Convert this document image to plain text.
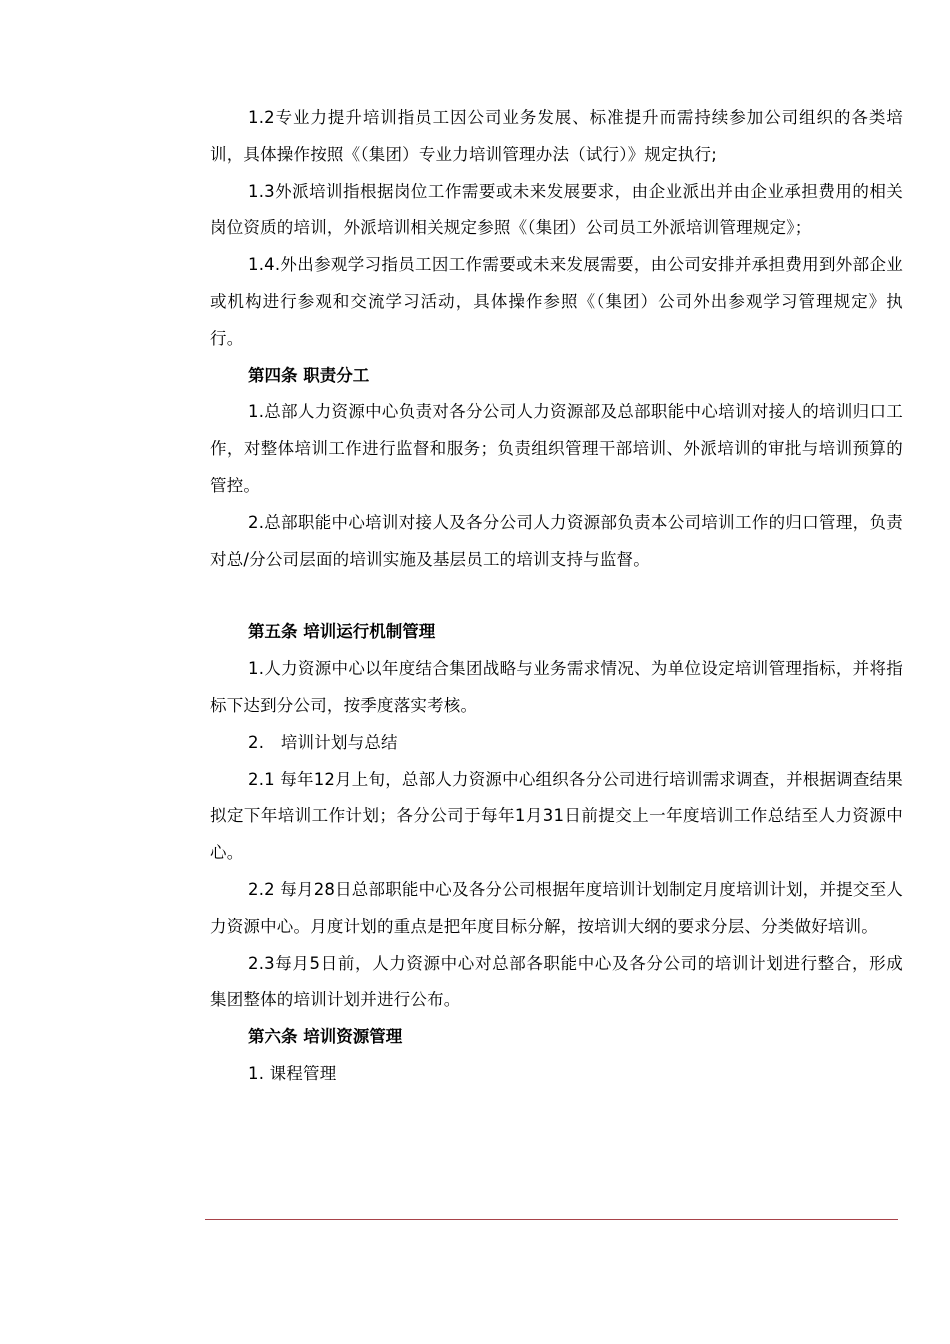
1.2专业力提升培训指员工因公司业务发展、标准提升而需持续参加公司组织的各类培训，具体操作按照《（集团）专业力培训管理办法（试行）》规定执行;

1.3外派培训指根据岗位工作需要或未来发展要求，由企业派出并由企业承担费用的相关岗位资质的培训，外派培训相关规定参照《（集团）公司员工外派培训管理规定》；

1.4.外出参观学习指员工因工作需要或未来发展需要，由公司安排并承担费用到外部企业或机构进行参观和交流学习活动，具体操作参照《（集团）公司外出参观学习管理规定》执行。

第四条 职责分工

1.总部人力资源中心负责对各分公司人力资源部及总部职能中心培训对接人的培训归口工作，对整体培训工作进行监督和服务；负责组织管理干部培训、外派培训的审批与培训预算的管控。

2.总部职能中心培训对接人及各分公司人力资源部负责本公司培训工作的归口管理，负责对总/分公司层面的培训实施及基层员工的培训支持与监督。

第五条 培训运行机制管理

1.人力资源中心以年度结合集团战略与业务需求情况、为单位设定培训管理指标，并将指标下达到分公司，按季度落实考核。

2.　培训计划与总结

2.1 每年12月上旬，总部人力资源中心组织各分公司进行培训需求调查，并根据调查结果拟定下年培训工作计划；各分公司于每年1月31日前提交上一年度培训工作总结至人力资源中心。

2.2 每月28日总部职能中心及各分公司根据年度培训计划制定月度培训计划，并提交至人力资源中心。月度计划的重点是把年度目标分解，按培训大纲的要求分层、分类做好培训。

2.3每月5日前，人力资源中心对总部各职能中心及各分公司的培训计划进行整合，形成集团整体的培训计划并进行公布。

第六条 培训资源管理

1. 课程管理
